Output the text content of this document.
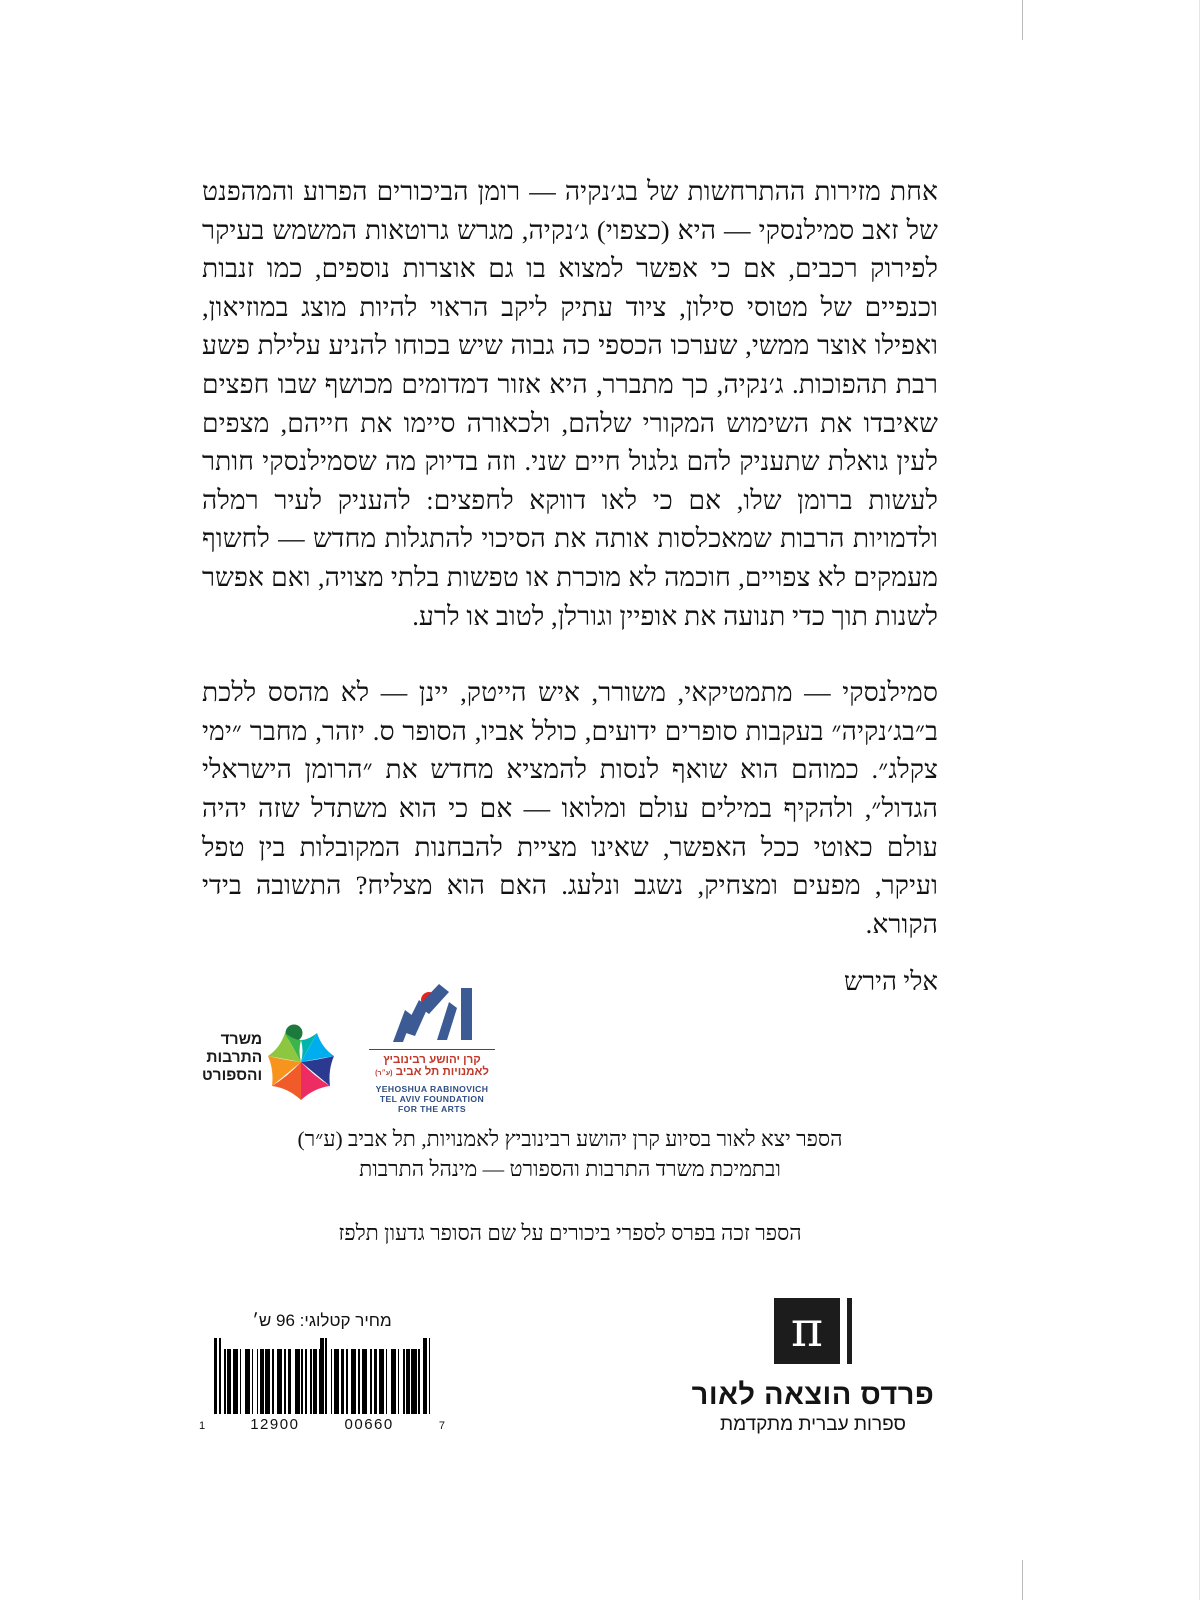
אחת מזירות ההתרחשות של בג׳נקיה — רומן הביכורים הפרוע והמהפנט של זאב סמילנסקי — היא (כצפוי) ג׳נקיה, מגרש גרוטאות המשמש בעיקר לפירוק רכבים, אם כי אפשר למצוא בו גם אוצרות נוספים, כמו זנבות וכנפיים של מטוסי סילון, ציוד עתיק ליקב הראוי להיות מוצג במוזיאון, ואפילו אוצר ממשי, שערכו הכספי כה גבוה שיש בכוחו להניע עלילת פשע רבת תהפוכות. ג׳נקיה, כך מתברר, היא אזור דמדומים מכושף שבו חפצים שאיבדו את השימוש המקורי שלהם, ולכאורה סיימו את חייהם, מצפים לעין גואלת שתעניק להם גלגול חיים שני. וזה בדיוק מה שסמילנסקי חותר לעשות ברומן שלו, אם כי לאו דווקא לחפצים: להעניק לעיר רמלה ולדמויות הרבות שמאכלסות אותה את הסיכוי להתגלות מחדש — לחשוף מעמקים לא צפויים, חוכמה לא מוכרת או טפשות בלתי מצויה, ואם אפשר לשנות תוך כדי תנועה את אופיין וגורלן, לטוב או לרע.

סמילנסקי — מתמטיקאי, משורר, איש הייטק, יינן — לא מהסס ללכת ב״בג׳נקיה״ בעקבות סופרים ידועים, כולל אביו, הסופר ס. יזהר, מחבר ״ימי צקלג״. כמוהם הוא שואף לנסות להמציא מחדש את ״הרומן הישראלי הגדול״, ולהקיף במילים עולם ומלואו — אם כי הוא משתדל שזה יהיה עולם כאוטי ככל האפשר, שאינו מציית להבחנות המקובלות בין טפל ועיקר, מפעים ומצחיק, נשגב ונלעג. האם הוא מצליח? התשובה בידי הקורא.

אלי הירש
משרד
התרבות
והספורט
קרן יהושע רבינוביץ
לאמנויות תל אביב (ע״ר)
YEHOSHUA RABINOVICH
TEL AVIV FOUNDATION
FOR THE ARTS
הספר יצא לאור בסיוע קרן יהושע רבינוביץ לאמנויות, תל אביב (ע״ר)
ובתמיכת משרד התרבות והספורט — מינהל התרבות
הספר זכה בפרס לספרי ביכורים על שם הסופר גדעון תלפז
π
פרדס הוצאה לאור
ספרות עברית מתקדמת
מחיר קטלוגי: 96 ש׳
1	12900	00660	7
